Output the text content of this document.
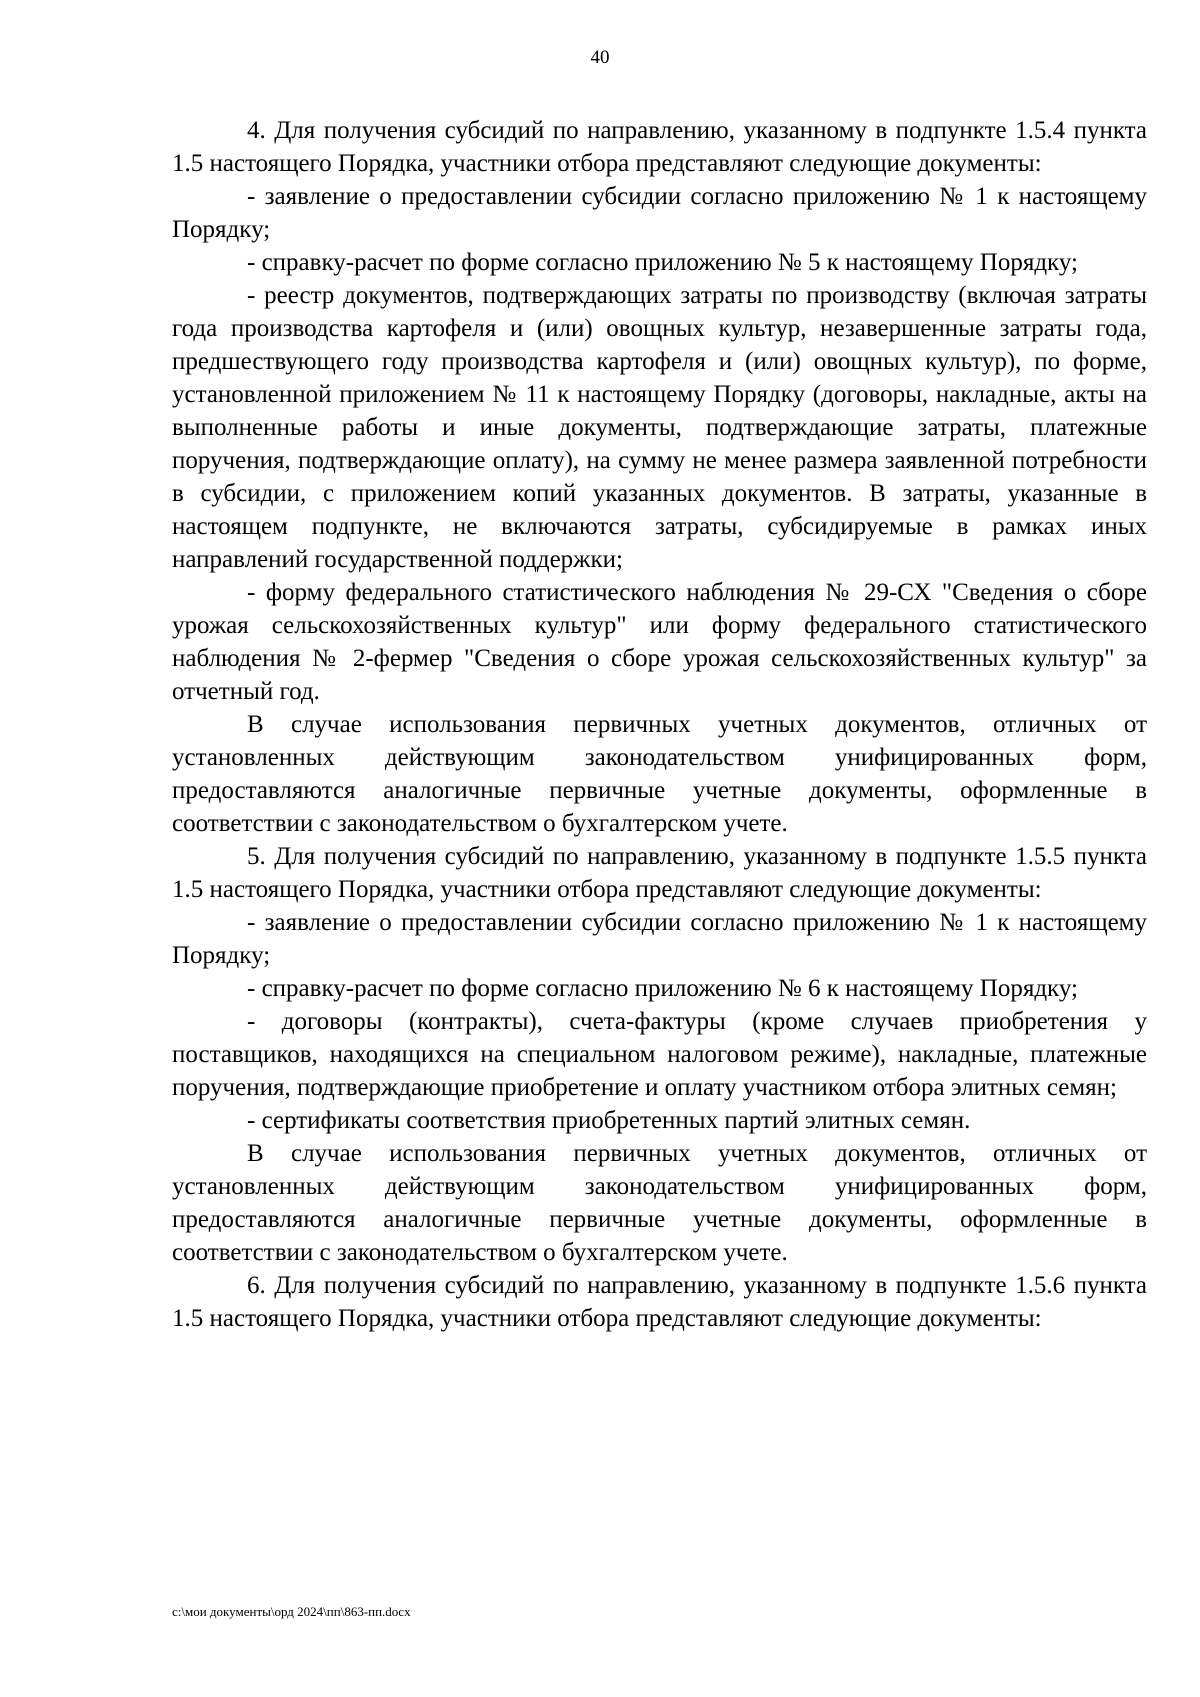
40

4. Для получения субсидий по направлению, указанному в подпункте 1.5.4 пункта 1.5 настоящего Порядка, участники отбора представляют следующие документы:

- заявление о предоставлении субсидии согласно приложению № 1 к настоящему Порядку;

- справку-расчет по форме согласно приложению № 5 к настоящему Порядку;

- реестр документов, подтверждающих затраты по производству (включая затраты года производства картофеля и (или) овощных культур, незавершенные затраты года, предшествующего году производства картофеля и (или) овощных культур), по форме, установленной приложением № 11 к настоящему Порядку (договоры, накладные, акты на выполненные работы и иные документы, подтверждающие затраты, платежные поручения, подтверждающие оплату), на сумму не менее размера заявленной потребности в субсидии, с приложением копий указанных документов. В затраты, указанные в настоящем подпункте, не включаются затраты, субсидируемые в рамках иных направлений государственной поддержки;

- форму федерального статистического наблюдения № 29-СХ "Сведения о сборе урожая сельскохозяйственных культур" или форму федерального статистического наблюдения № 2-фермер "Сведения о сборе урожая сельскохозяйственных культур" за отчетный год.

В случае использования первичных учетных документов, отличных от установленных действующим законодательством унифицированных форм, предоставляются аналогичные первичные учетные документы, оформленные в соответствии с законодательством о бухгалтерском учете.

5. Для получения субсидий по направлению, указанному в подпункте 1.5.5 пункта 1.5 настоящего Порядка, участники отбора представляют следующие документы:

- заявление о предоставлении субсидии согласно приложению № 1 к настоящему Порядку;

- справку-расчет по форме согласно приложению № 6 к настоящему Порядку;

- договоры (контракты), счета-фактуры (кроме случаев приобретения у поставщиков, находящихся на специальном налоговом режиме), накладные, платежные поручения, подтверждающие приобретение и оплату участником отбора элитных семян;

- сертификаты соответствия приобретенных партий элитных семян.

В случае использования первичных учетных документов, отличных от установленных действующим законодательством унифицированных форм, предоставляются аналогичные первичные учетные документы, оформленные в соответствии с законодательством о бухгалтерском учете.

6. Для получения субсидий по направлению, указанному в подпункте 1.5.6 пункта 1.5 настоящего Порядка, участники отбора представляют следующие документы:

c:\мои документы\орд 2024\пп\863-пп.docx
